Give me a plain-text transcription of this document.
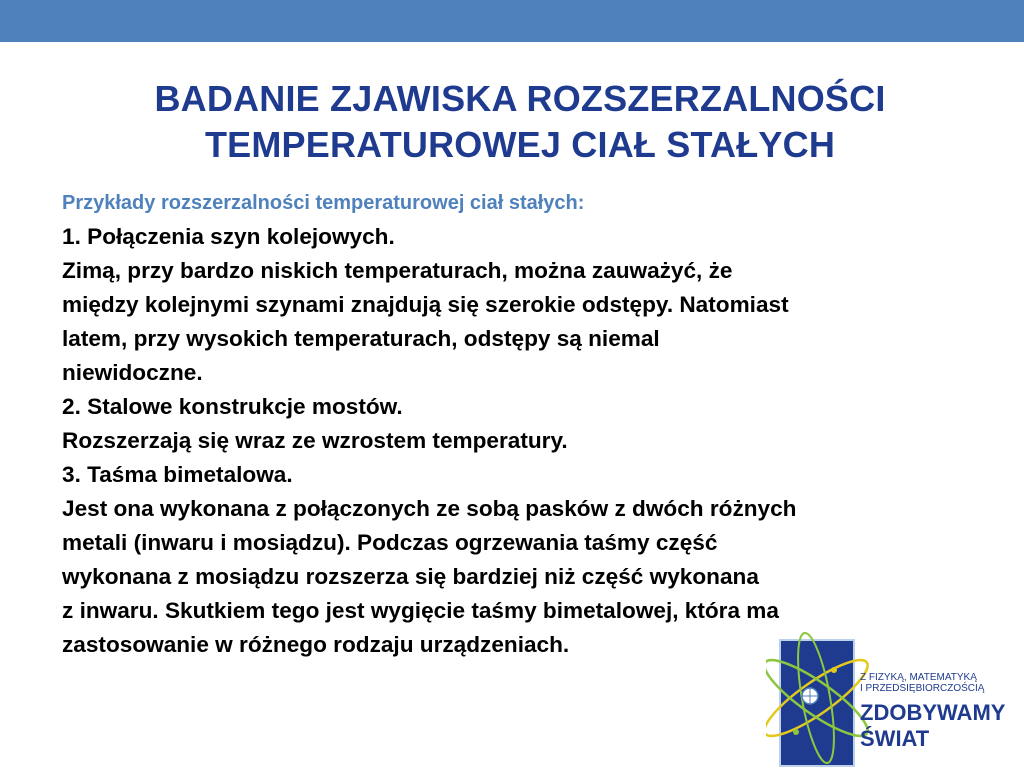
BADANIE ZJAWISKA ROZSZERZALNOŚCI
TEMPERATUROWEJ CIAŁ STAŁYCH
Przykłady rozszerzalności temperaturowej ciał stałych:
1. Połączenia szyn kolejowych.
Zimą, przy bardzo niskich temperaturach, można zauważyć, że
między kolejnymi szynami znajdują się szerokie odstępy. Natomiast
latem, przy wysokich temperaturach, odstępy są niemal
niewidoczne.
2. Stalowe konstrukcje mostów.
Rozszerzają się wraz ze wzrostem temperatury.
3. Taśma bimetalowa.
Jest ona wykonana z połączonych ze sobą pasków z dwóch różnych
metali (inwaru i mosiądzu). Podczas ogrzewania taśmy część
wykonana z mosiądzu rozszerza się bardziej niż część wykonana
z inwaru. Skutkiem tego jest wygięcie taśmy bimetalowej, która ma
zastosowanie w różnego rodzaju urządzeniach.
Z FIZYKĄ, MATEMATYKĄ
I PRZEDSIĘBIORCZOŚCIĄ
ZDOBYWAMY
ŚWIAT
